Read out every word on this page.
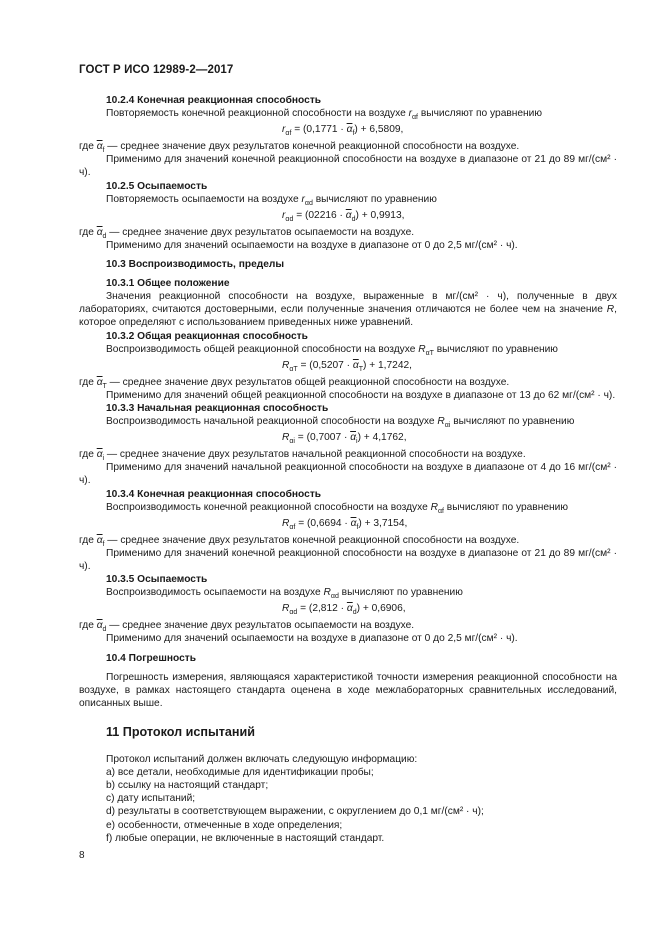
ГОСТ Р ИСО 12989-2—2017
10.2.4 Конечная реакционная способность
Повторяемость конечной реакционной способности на воздухе $r_{\alpha f}$ вычисляют по уравнению
$r_{\alpha f} = (0,1771 \cdot \overline{\alpha}_f) + 6,5809$,
где $\overline{\alpha}_f$ — среднее значение двух результатов конечной реакционной способности на воздухе.
Применимо для значений конечной реакционной способности на воздухе в диапазоне от 21 до 89 мг/(см² · ч).
10.2.5 Осыпаемость
Повторяемость осыпаемости на воздухе $r_{\alpha d}$ вычисляют по уравнению
$r_{\alpha d} = (02216 \cdot \overline{\alpha}_d) + 0,9913$,
где $\overline{\alpha}_d$ — среднее значение двух результатов осыпаемости на воздухе.
Применимо для значений осыпаемости на воздухе в диапазоне от 0 до 2,5 мг/(см² · ч).
10.3 Воспроизводимость, пределы
10.3.1 Общее положение
Значения реакционной способности на воздухе, выраженные в мг/(см² · ч), полученные в двух лабораториях, считаются достоверными, если полученные значения отличаются не более чем на значение R, которое определяют с использованием приведенных ниже уравнений.
10.3.2 Общая реакционная способность
Воспроизводимость общей реакционной способности на воздухе $R_{\alpha T}$ вычисляют по уравнению
$R_{\alpha T} = (0,5207 \cdot \overline{\alpha}_T) + 1,7242$,
где $\overline{\alpha}_T$ — среднее значение двух результатов общей реакционной способности на воздухе.
Применимо для значений общей реакционной способности на воздухе в диапазоне от 13 до 62 мг/(см² · ч).
10.3.3 Начальная реакционная способность
Воспроизводимость начальной реакционной способности на воздухе $R_{\alpha i}$ вычисляют по уравнению
$R_{\alpha i} = (0,7007 \cdot \overline{\alpha}_i) + 4,1762$,
где $\overline{\alpha}_i$ — среднее значение двух результатов начальной реакционной способности на воздухе.
Применимо для значений начальной реакционной способности на воздухе в диапазоне от 4 до 16 мг/(см² · ч).
10.3.4 Конечная реакционная способность
Воспроизводимость конечной реакционной способности на воздухе $R_{\alpha f}$ вычисляют по уравнению
$R_{\alpha f} = (0,6694 \cdot \overline{\alpha}_f) + 3,7154$,
где $\overline{\alpha}_f$ — среднее значение двух результатов конечной реакционной способности на воздухе.
Применимо для значений конечной реакционной способности на воздухе в диапазоне от 21 до 89 мг/(см² · ч).
10.3.5 Осыпаемость
Воспроизводимость осыпаемости на воздухе $R_{\alpha d}$ вычисляют по уравнению
$R_{\alpha d} = (2,812 \cdot \overline{\alpha}_d) + 0,6906$,
где $\overline{\alpha}_d$ — среднее значение двух результатов осыпаемости на воздухе.
Применимо для значений осыпаемости на воздухе в диапазоне от 0 до 2,5 мг/(см² · ч).
10.4 Погрешность
Погрешность измерения, являющаяся характеристикой точности измерения реакционной способности на воздухе, в рамках настоящего стандарта оценена в ходе межлабораторных сравнительных исследований, описанных выше.
11 Протокол испытаний
Протокол испытаний должен включать следующую информацию:
a) все детали, необходимые для идентификации пробы;
b) ссылку на настоящий стандарт;
c) дату испытаний;
d) результаты в соответствующем выражении, с округлением до 0,1 мг/(см² · ч);
e) особенности, отмеченные в ходе определения;
f) любые операции, не включенные в настоящий стандарт.
8
